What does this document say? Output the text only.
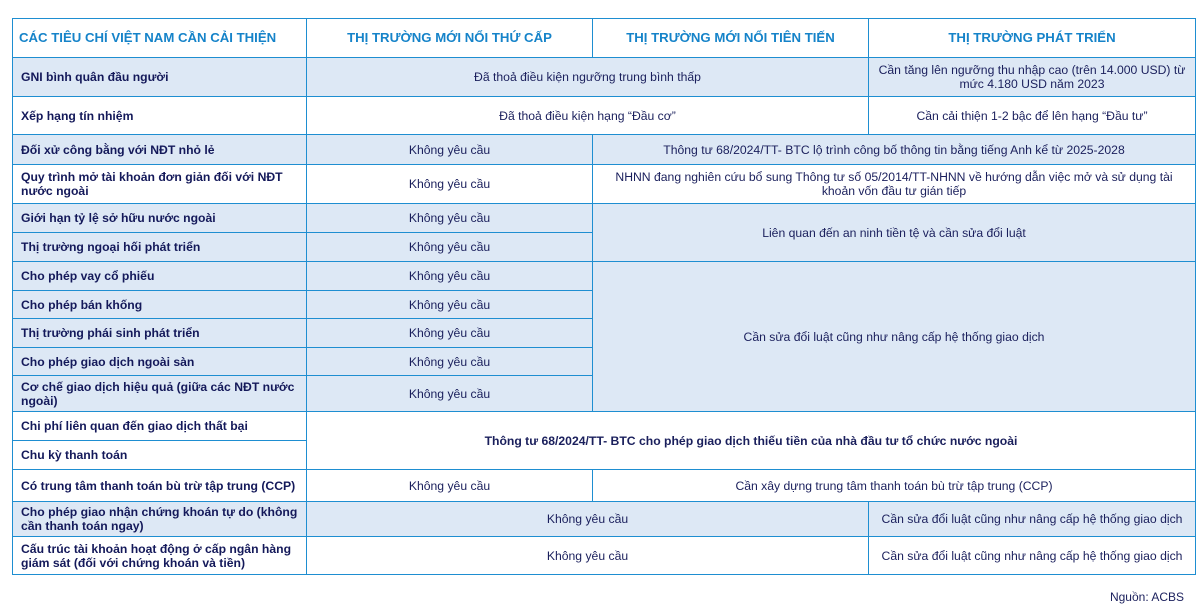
CÁC TIÊU CHÍ VIỆT NAM CẦN CẢI THIỆN	THỊ TRƯỜNG MỚI NỔI THỨ CẤP	THỊ TRƯỜNG MỚI NỔI TIÊN TIẾN	THỊ TRƯỜNG PHÁT TRIỂN
GNI bình quân đầu người	Đã thoả điều kiện ngưỡng trung bình thấp		Cần tăng lên ngưỡng thu nhập cao (trên 14.000 USD) từ mức 4.180 USD năm 2023
Xếp hạng tín nhiệm	Đã thoả điều kiện hạng “Đầu cơ”		Cần cải thiện 1-2 bậc để lên hạng “Đầu tư”
Đối xử công bằng với NĐT nhỏ lẻ	Không yêu cầu	Thông tư 68/2024/TT- BTC lộ trình công bố thông tin bằng tiếng Anh kể từ 2025-2028	
Quy trình mở tài khoản đơn giản đối với NĐT nước ngoài	Không yêu cầu	NHNN đang nghiên cứu bổ sung Thông tư số 05/2014/TT-NHNN về hướng dẫn việc mở và sử dụng tài khoản vốn đầu tư gián tiếp	
Giới hạn tỷ lệ sở hữu nước ngoài	Không yêu cầu	Liên quan đến an ninh tiền tệ và cần sửa đổi luật	
Thị trường ngoại hối phát triển	Không yêu cầu		
Cho phép vay cổ phiếu	Không yêu cầu	Cần sửa đổi luật cũng như nâng cấp hệ thống giao dịch	
Cho phép bán khống	Không yêu cầu		
Thị trường phái sinh phát triển	Không yêu cầu		
Cho phép giao dịch ngoài sàn	Không yêu cầu		
Cơ chế giao dịch hiệu quả (giữa các NĐT nước ngoài)	Không yêu cầu		
Chi phí liên quan đến giao dịch thất bại	Thông tư 68/2024/TT- BTC cho phép giao dịch thiếu tiền của nhà đầu tư tổ chức nước ngoài		
Chu kỳ thanh toán			
Có trung tâm thanh toán bù trừ tập trung (CCP)	Không yêu cầu	Cần xây dựng trung tâm thanh toán bù trừ tập trung (CCP)	
Cho phép giao nhận chứng khoán tự do (không cần thanh toán ngay)	Không yêu cầu		Cần sửa đổi luật cũng như nâng cấp hệ thống giao dịch
Cấu trúc tài khoản hoạt động ở cấp ngân hàng giám sát (đối với chứng khoán và tiền)	Không yêu cầu		Cần sửa đổi luật cũng như nâng cấp hệ thống giao dịch
Nguồn: ACBS
